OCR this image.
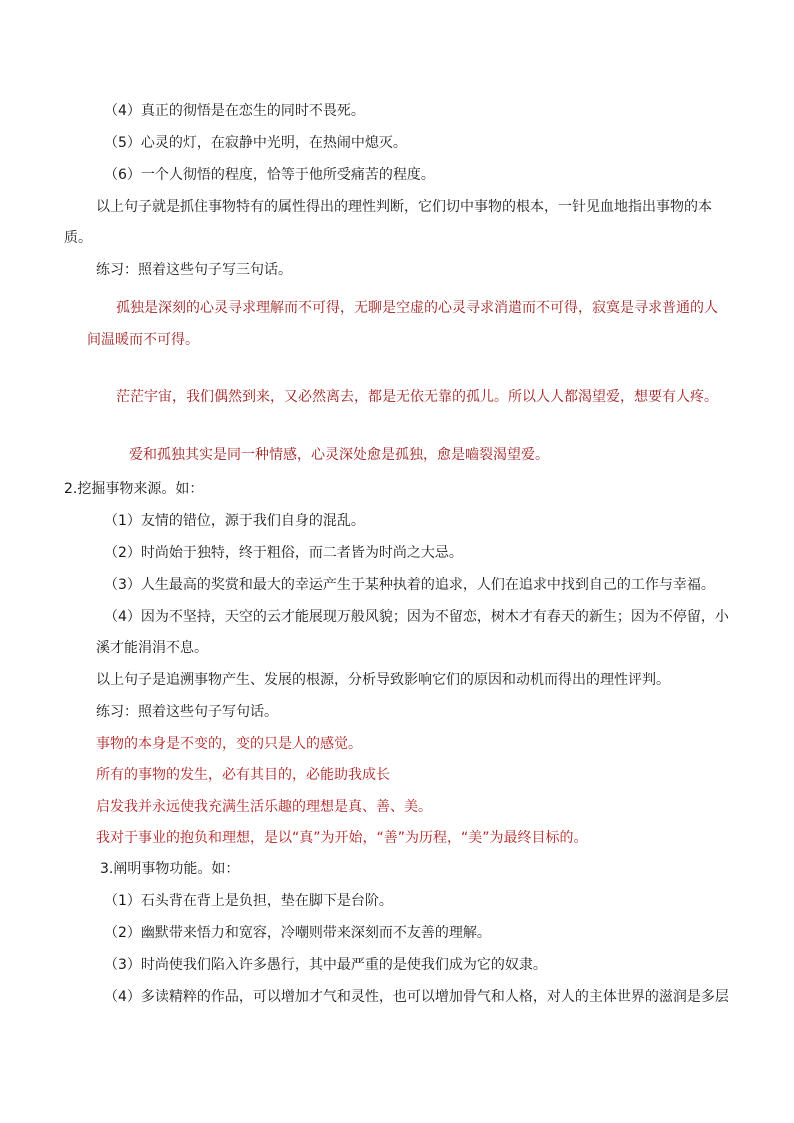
（4）真正的彻悟是在恋生的同时不畏死。
（5）心灵的灯，在寂静中光明，在热闹中熄灭。
（6）一个人彻悟的程度，恰等于他所受痛苦的程度。
以上句子就是抓住事物特有的属性得出的理性判断，它们切中事物的根本，一针见血地指出事物的本
质。
练习：照着这些句子写三句话。
孤独是深刻的心灵寻求理解而不可得，无聊是空虚的心灵寻求消遣而不可得，寂寞是寻求普通的人
间温暖而不可得。
茫茫宇宙，我们偶然到来，又必然离去，都是无依无靠的孤儿。所以人人都渴望爱，想要有人疼。
爱和孤独其实是同一种情感，心灵深处愈是孤独，愈是嚙裂渴望爱。
2.挖掘事物来源。如：
（1）友情的错位，源于我们自身的混乱。
（2）时尚始于独特，终于粗俗，而二者皆为时尚之大忌。
（3）人生最高的奖赏和最大的幸运产生于某种执着的追求，人们在追求中找到自己的工作与幸福。
（4）因为不坚持，天空的云才能展现万般风貌；因为不留恋，树木才有春天的新生；因为不停留，小
溪才能涓涓不息。
以上句子是追溯事物产生、发展的根源，分析导致影响它们的原因和动机而得出的理性评判。
练习：照着这些句子写句话。
事物的本身是不变的，变的只是人的感觉。
所有的事物的发生，必有其目的，必能助我成长
启发我并永远使我充满生活乐趣的理想是真、善、美。
我对于事业的抱负和理想，是以“真”为开始，“善”为历程，“美”为最终目标的。
3.阐明事物功能。如：
（1）石头背在背上是负担，垫在脚下是台阶。
（2）幽默带来悟力和宽容，冷嘲则带来深刻而不友善的理解。
（3）时尚使我们陷入许多愚行，其中最严重的是使我们成为它的奴隶。
（4）多读精粹的作品，可以增加才气和灵性，也可以增加骨气和人格，对人的主体世界的滋润是多层
